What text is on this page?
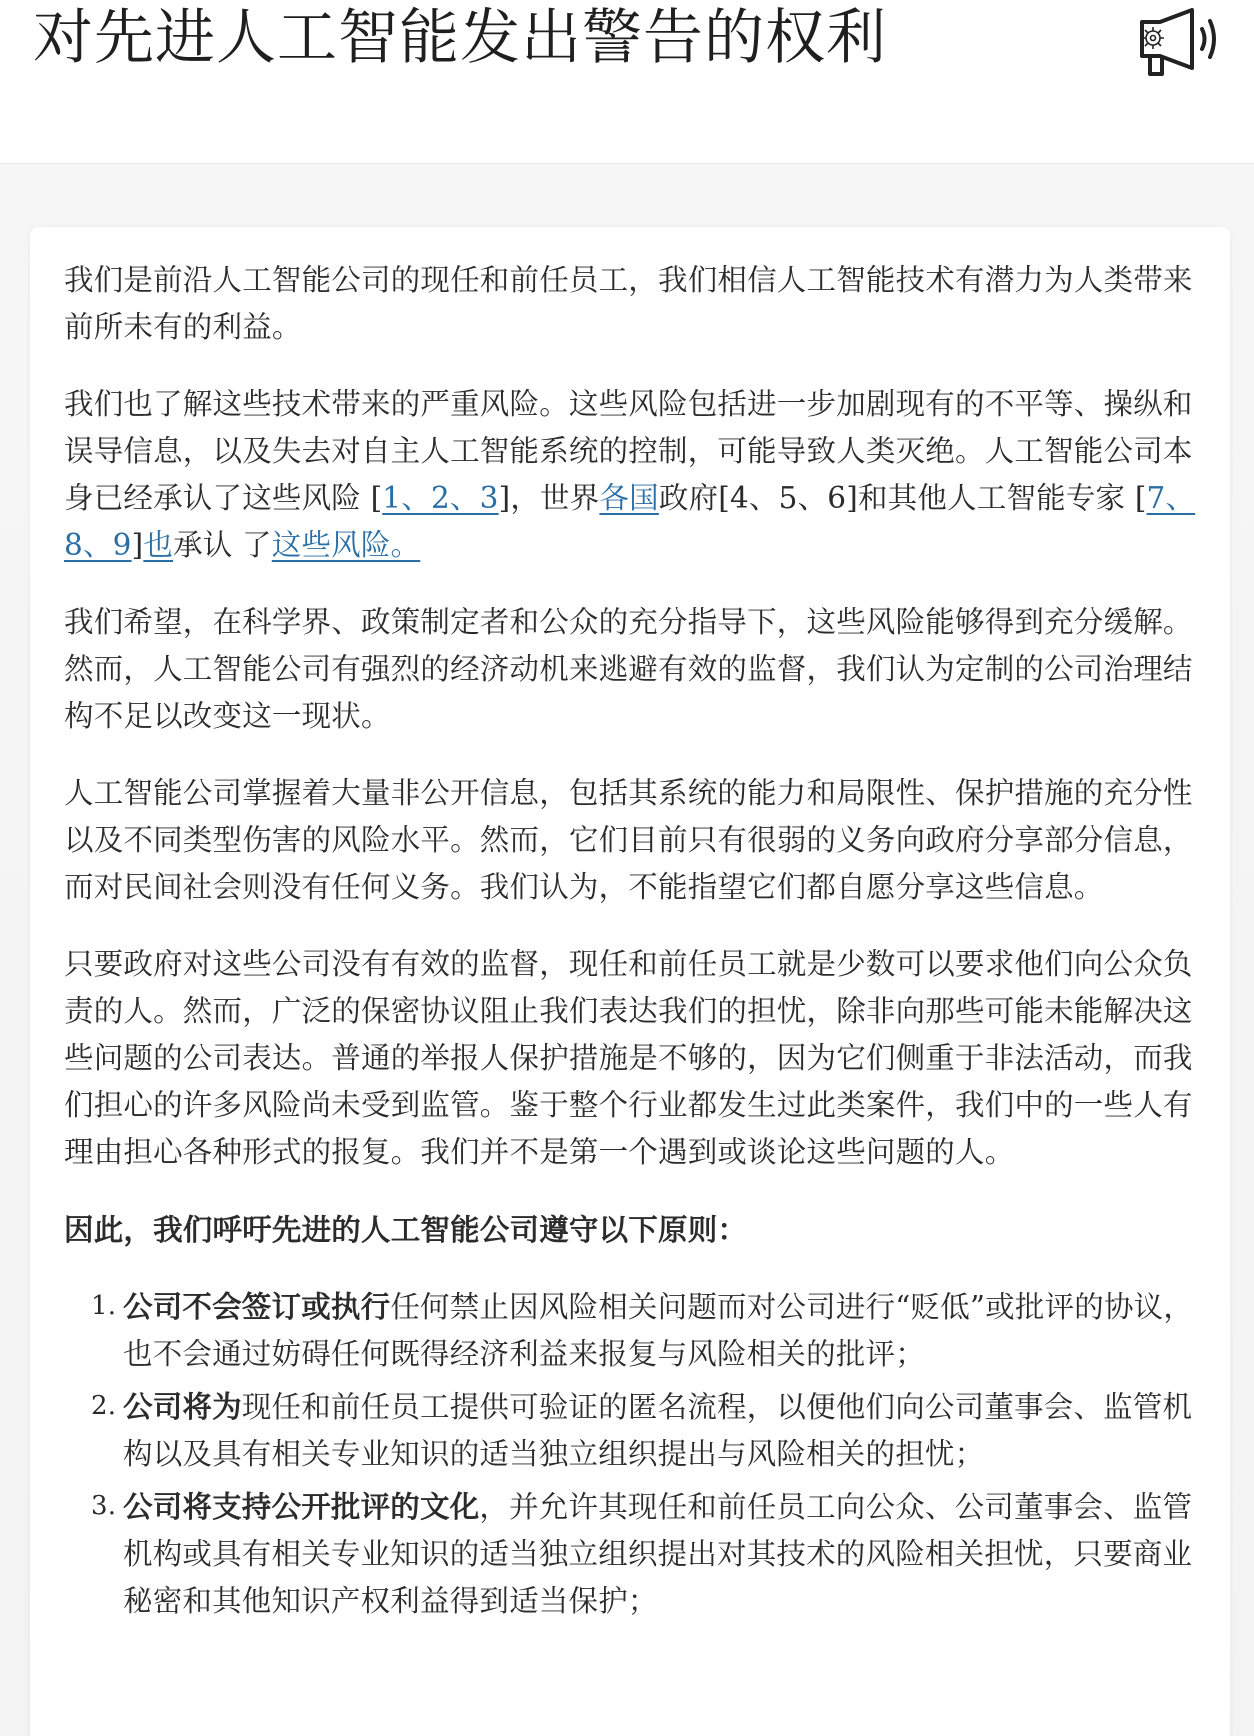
对先进人工智能发出警告的权利

我们是前沿人工智能公司的现任和前任员工，我们相信人工智能技术有潜力为人类带来前所未有的利益。

我们也了解这些技术带来的严重风险。这些风险包括进一步加剧现有的不平等、操纵和误导信息，以及失去对自主人工智能系统的控制，可能导致人类灭绝。人工智能公司本身已经承认了这些风险 [1、2、3]，世界各国政府[4、5、6]和其他人工智能专家 [7、8、9]也承认 了这些风险。

我们希望，在科学界、政策制定者和公众的充分指导下，这些风险能够得到充分缓解。然而，人工智能公司有强烈的经济动机来逃避有效的监督，我们认为定制的公司治理结构不足以改变这一现状。

人工智能公司掌握着大量非公开信息，包括其系统的能力和局限性、保护措施的充分性以及不同类型伤害的风险水平。然而，它们目前只有很弱的义务向政府分享部分信息，而对民间社会则没有任何义务。我们认为，不能指望它们都自愿分享这些信息。

只要政府对这些公司没有有效的监督，现任和前任员工就是少数可以要求他们向公众负责的人。然而，广泛的保密协议阻止我们表达我们的担忧，除非向那些可能未能解决这些问题的公司表达。普通的举报人保护措施是不够的，因为它们侧重于非法活动，而我们担心的许多风险尚未受到监管。鉴于整个行业都发生过此类案件，我们中的一些人有理由担心各种形式的报复。我们并不是第一个遇到或谈论这些问题的人。

因此，我们呼吁先进的人工智能公司遵守以下原则：

1. 公司不会签订或执行任何禁止因风险相关问题而对公司进行“贬低”或批评的协议，也不会通过妨碍任何既得经济利益来报复与风险相关的批评；
2. 公司将为现任和前任员工提供可验证的匿名流程，以便他们向公司董事会、监管机构以及具有相关专业知识的适当独立组织提出与风险相关的担忧；
3. 公司将支持公开批评的文化，并允许其现任和前任员工向公众、公司董事会、监管机构或具有相关专业知识的适当独立组织提出对其技术的风险相关担忧，只要商业秘密和其他知识产权利益得到适当保护；
